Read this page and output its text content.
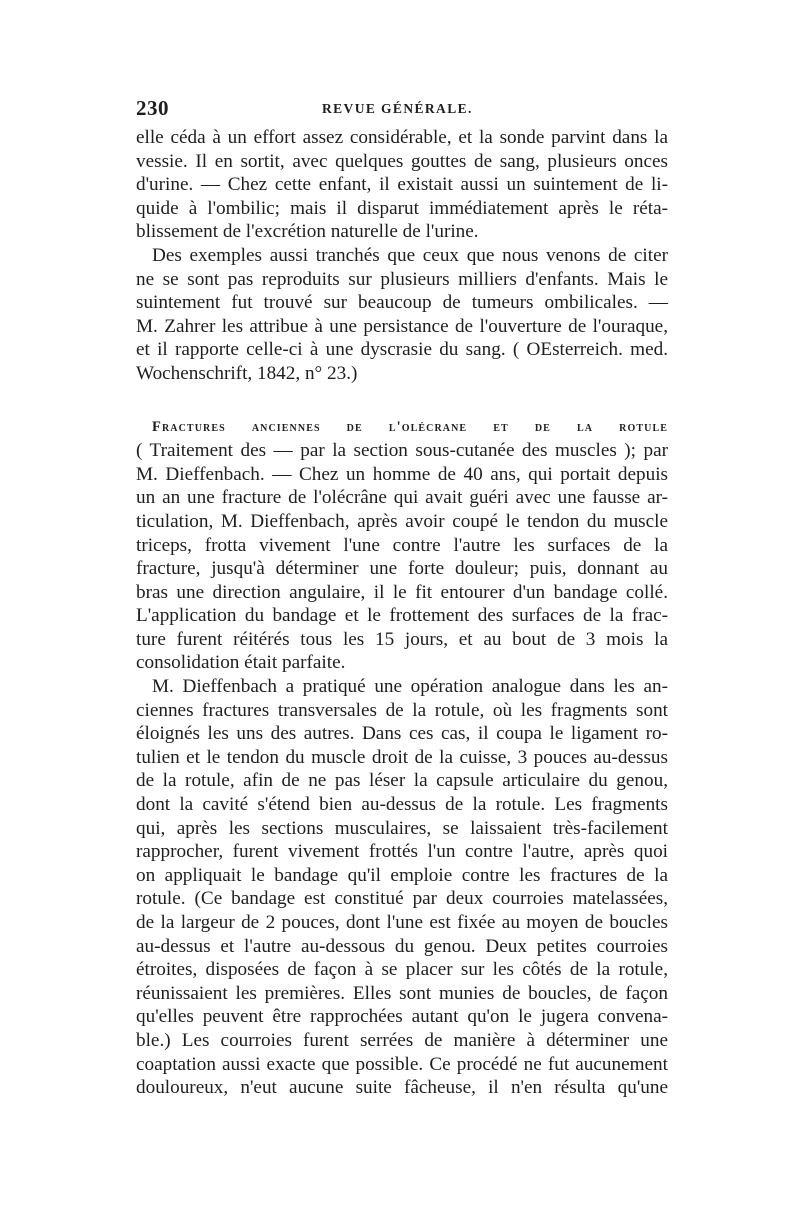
230	REVUE GÉNÉRALE.
elle céda à un effort assez considérable, et la sonde parvint dans la
vessie. Il en sortit, avec quelques gouttes de sang, plusieurs onces
d'urine. — Chez cette enfant, il existait aussi un suintement de li-
quide à l'ombilic; mais il disparut immédiatement après le réta-
blissement de l'excrétion naturelle de l'urine.
Des exemples aussi tranchés que ceux que nous venons de citer
ne se sont pas reproduits sur plusieurs milliers d'enfants. Mais le
suintement fut trouvé sur beaucoup de tumeurs ombilicales. —
M. Zahrer les attribue à une persistance de l'ouverture de l'ouraque,
et il rapporte celle-ci à une dyscrasie du sang. ( OEsterreich. med.
Wochenschrift, 1842, n° 23.)
Fractures anciennes de l'olécrane et de la rotule
( Traitement des — par la section sous-cutanée des muscles ); par
M. Dieffenbach. — Chez un homme de 40 ans, qui portait depuis
un an une fracture de l'olécrâne qui avait guéri avec une fausse ar-
ticulation, M. Dieffenbach, après avoir coupé le tendon du muscle
triceps, frotta vivement l'une contre l'autre les surfaces de la
fracture, jusqu'à déterminer une forte douleur; puis, donnant au
bras une direction angulaire, il le fit entourer d'un bandage collé.
L'application du bandage et le frottement des surfaces de la frac-
ture furent réitérés tous les 15 jours, et au bout de 3 mois la
consolidation était parfaite.
M. Dieffenbach a pratiqué une opération analogue dans les an-
ciennes fractures transversales de la rotule, où les fragments sont
éloignés les uns des autres. Dans ces cas, il coupa le ligament ro-
tulien et le tendon du muscle droit de la cuisse, 3 pouces au-dessus
de la rotule, afin de ne pas léser la capsule articulaire du genou,
dont la cavité s'étend bien au-dessus de la rotule. Les fragments
qui, après les sections musculaires, se laissaient très-facilement
rapprocher, furent vivement frottés l'un contre l'autre, après quoi
on appliquait le bandage qu'il emploie contre les fractures de la
rotule. (Ce bandage est constitué par deux courroies matelassées,
de la largeur de 2 pouces, dont l'une est fixée au moyen de boucles
au-dessus et l'autre au-dessous du genou. Deux petites courroies
étroites, disposées de façon à se placer sur les côtés de la rotule,
réunissaient les premières. Elles sont munies de boucles, de façon
qu'elles peuvent être rapprochées autant qu'on le jugera convena-
ble.) Les courroies furent serrées de manière à déterminer une
coaptation aussi exacte que possible. Ce procédé ne fut aucunement
douloureux, n'eut aucune suite fâcheuse, il n'en résulta qu'une
